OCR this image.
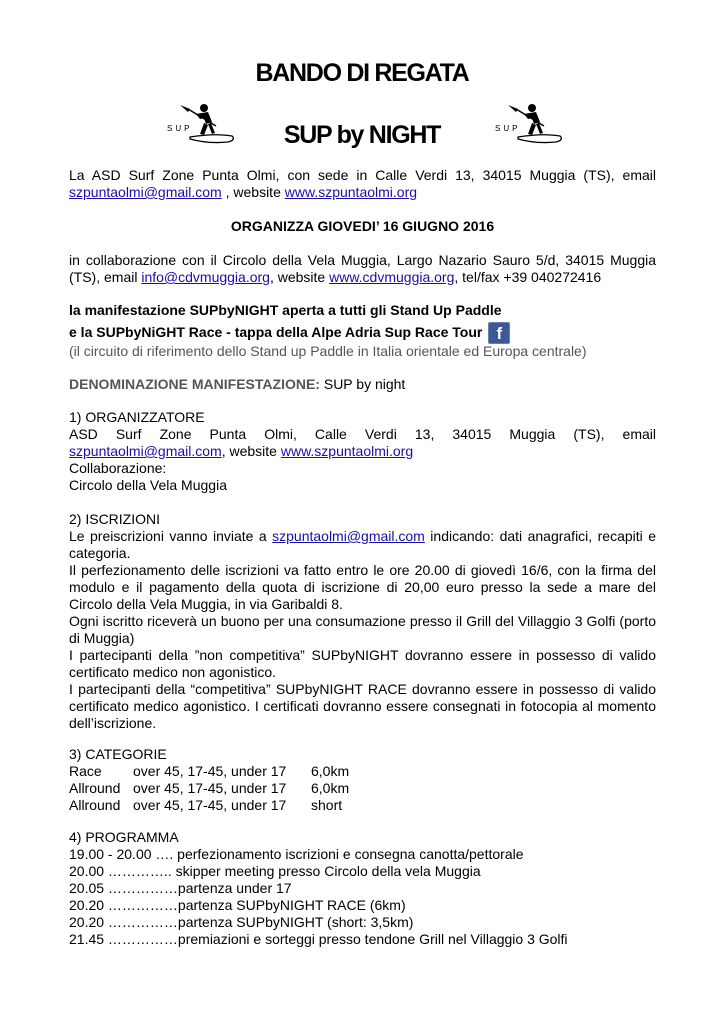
BANDO DI REGATA
SUP	SUP
SUP by NIGHT
La ASD Surf Zone Punta Olmi, con sede in Calle Verdi 13, 34015 Muggia (TS), email
szpuntaolmi@gmail.com , website www.szpuntaolmi.org
ORGANIZZA GIOVEDI’ 16 GIUGNO 2016
in collaborazione con il Circolo della Vela Muggia, Largo Nazario Sauro 5/d, 34015 Muggia
(TS), email info@cdvmuggia.org, website www.cdvmuggia.org, tel/fax +39 040272416
la manifestazione SUPbyNIGHT aperta a tutti gli Stand Up Paddle
e la SUPbyNiGHT Race - tappa della Alpe Adria Sup Race Tour f
(il circuito di riferimento dello Stand up Paddle in Italia orientale ed Europa centrale)
DENOMINAZIONE MANIFESTAZIONE: SUP by night
1) ORGANIZZATORE
ASD Surf Zone Punta Olmi, Calle Verdi 13, 34015 Muggia (TS), email
szpuntaolmi@gmail.com, website www.szpuntaolmi.org
Collaborazione:
Circolo della Vela Muggia
2) ISCRIZIONI
Le preiscrizioni vanno inviate a szpuntaolmi@gmail.com indicando: dati anagrafici, recapiti e categoria.
Il perfezionamento delle iscrizioni va fatto entro le ore 20.00 di giovedì 16/6, con la firma del modulo e il pagamento della quota di iscrizione di 20,00 euro presso la sede a mare del Circolo della Vela Muggia, in via Garibaldi 8.
Ogni iscritto riceverà un buono per una consumazione presso il Grill del Villaggio 3 Golfi (porto di Muggia)
I partecipanti della ”non competitiva” SUPbyNIGHT dovranno essere in possesso di valido certificato medico non agonistico.
I partecipanti della “competitiva” SUPbyNIGHT RACE dovranno essere in possesso di valido certificato medico agonistico. I certificati dovranno essere consegnati in fotocopia al momento dell’iscrizione.
3) CATEGORIE
Race	over 45, 17-45, under 17	6,0km
Allround over 45, 17-45, under 17	6,0km
Allround over 45, 17-45, under 17	short
4) PROGRAMMA
19.00 - 20.00 …. perfezionamento iscrizioni e consegna canotta/pettorale
20.00 ………….. skipper meeting presso Circolo della vela Muggia
20.05 ……………partenza under 17
20.20 ……………partenza SUPbyNIGHT RACE (6km)
20.20 ……………partenza SUPbyNIGHT (short: 3,5km)
21.45 ……………premiazioni e sorteggi presso tendone Grill nel Villaggio 3 Golfi
